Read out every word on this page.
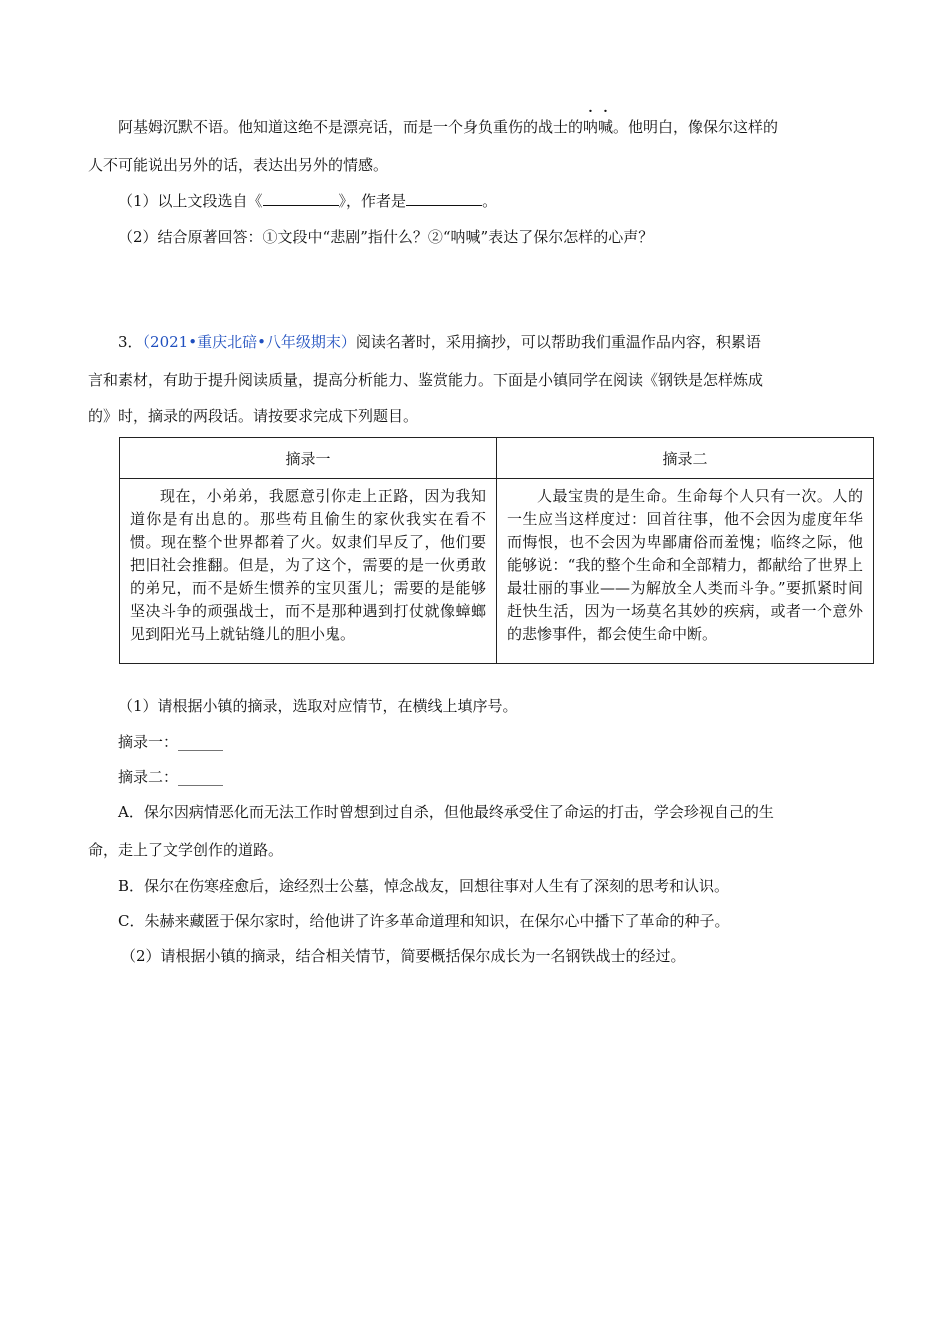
阿基姆沉默不语。他知道这绝不是漂亮话，而是一个身负重伤的战士的呐喊。他明白，像保尔这样的
人不可能说出另外的话，表达出另外的情感。
（1）以上文段选自《	》，作者是	。
（2）结合原著回答：①文段中“悲剧”指什么？②“呐喊”表达了保尔怎样的心声？
3．（2021•重庆北碚•八年级期末）阅读名著时，采用摘抄，可以帮助我们重温作品内容，积累语
言和素材，有助于提升阅读质量，提高分析能力、鉴赏能力。下面是小镇同学在阅读《钢铁是怎样炼成
的》时，摘录的两段话。请按要求完成下列题目。
摘录一	摘录二
现在，小弟弟，我愿意引你走上正路，因为我知道你是有出息的。那些苟且偷生的家伙我实在看不惯。现在整个世界都着了火。奴隶们早反了，他们要把旧社会推翻。但是，为了这个，需要的是一伙勇敢的弟兄，而不是娇生惯养的宝贝蛋儿；需要的是能够坚决斗争的顽强战士，而不是那种遇到打仗就像蟑螂见到阳光马上就钻缝儿的胆小鬼。	人最宝贵的是生命。生命每个人只有一次。人的一生应当这样度过：回首往事，他不会因为虚度年华而悔恨，也不会因为卑鄙庸俗而羞愧；临终之际，他能够说：“我的整个生命和全部精力，都献给了世界上最壮丽的事业——为解放全人类而斗争。”要抓紧时间赶快生活，因为一场莫名其妙的疾病，或者一个意外的悲惨事件，都会使生命中断。
（1）请根据小镇的摘录，选取对应情节，在横线上填序号。
摘录一：______
摘录二：______
A．保尔因病情恶化而无法工作时曾想到过自杀，但他最终承受住了命运的打击，学会珍视自己的生
命，走上了文学创作的道路。
B．保尔在伤寒痊愈后，途经烈士公墓，悼念战友，回想往事对人生有了深刻的思考和认识。
C．朱赫来藏匿于保尔家时，给他讲了许多革命道理和知识，在保尔心中播下了革命的种子。
（2）请根据小镇的摘录，结合相关情节，简要概括保尔成长为一名钢铁战士的经过。
